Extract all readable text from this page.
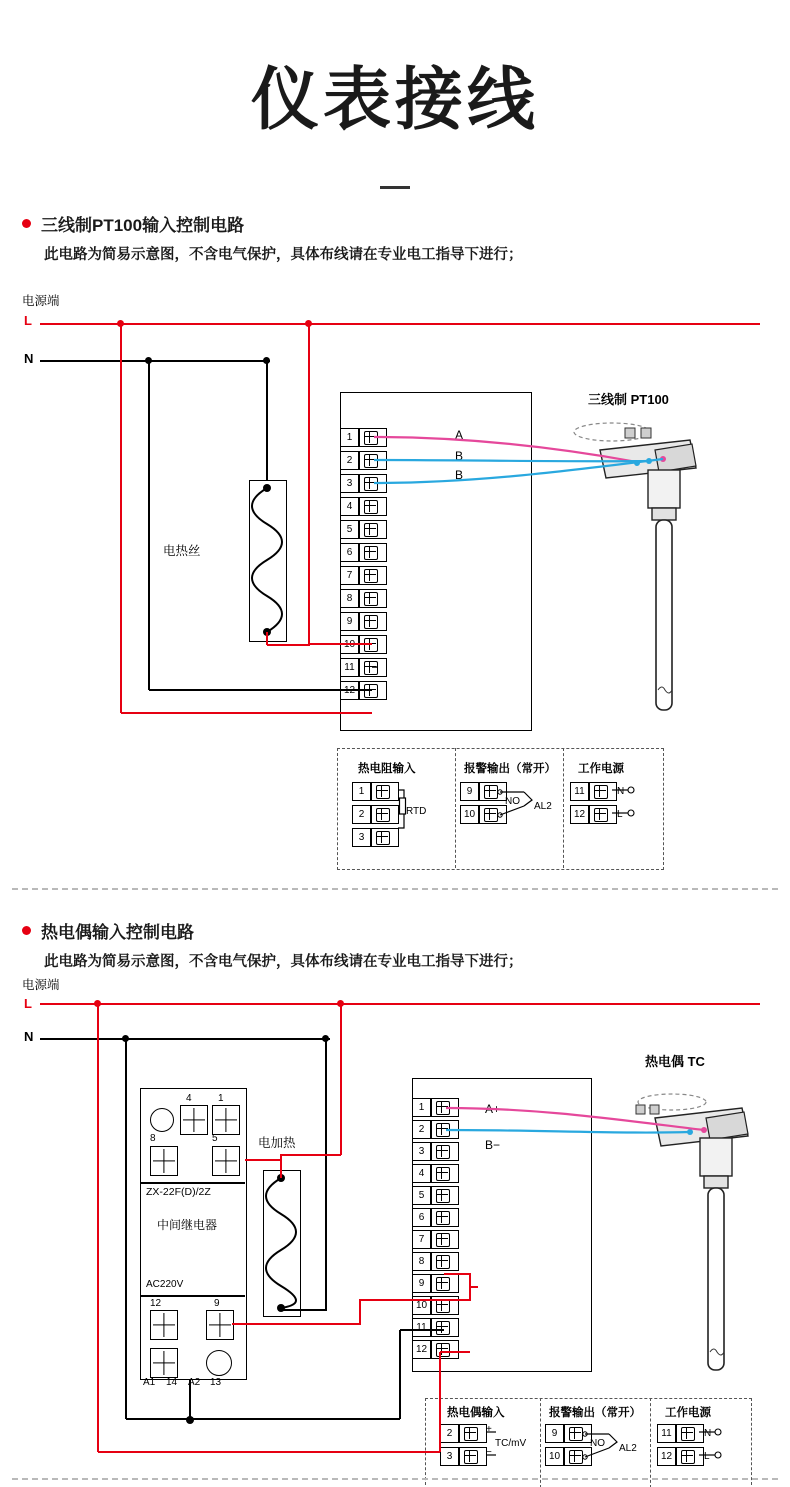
仪表接线
三线制PT100输入控制电路
此电路为简易示意图，不含电气保护，具体布线请在专业电工指导下进行；
电源端
L
N
电热丝
1
2
3
4
5
6
7
8
9
10
11
12
三线制 PT100
A
B
B
热电阻输入	报警输出（常开） 工作电源
1
2
3
RTD
9
10
NO AL2
11
12
N
L
热电偶输入控制电路
此电路为简易示意图，不含电气保护，具体布线请在专业电工指导下进行；
电源端
L
N
4	1
8	5
ZX-22F(D)/2Z
中间继电器
AC220V
12	9
A1 14 A2 13
电加热
1
2
3
4
5
6
7
8
9
10
11
12
热电偶 TC
A+
B−
热电偶输入	报警输出（常开） 工作电源
2
3
+
−
TC/mV
9
10
NO AL2
11
12
N
L
